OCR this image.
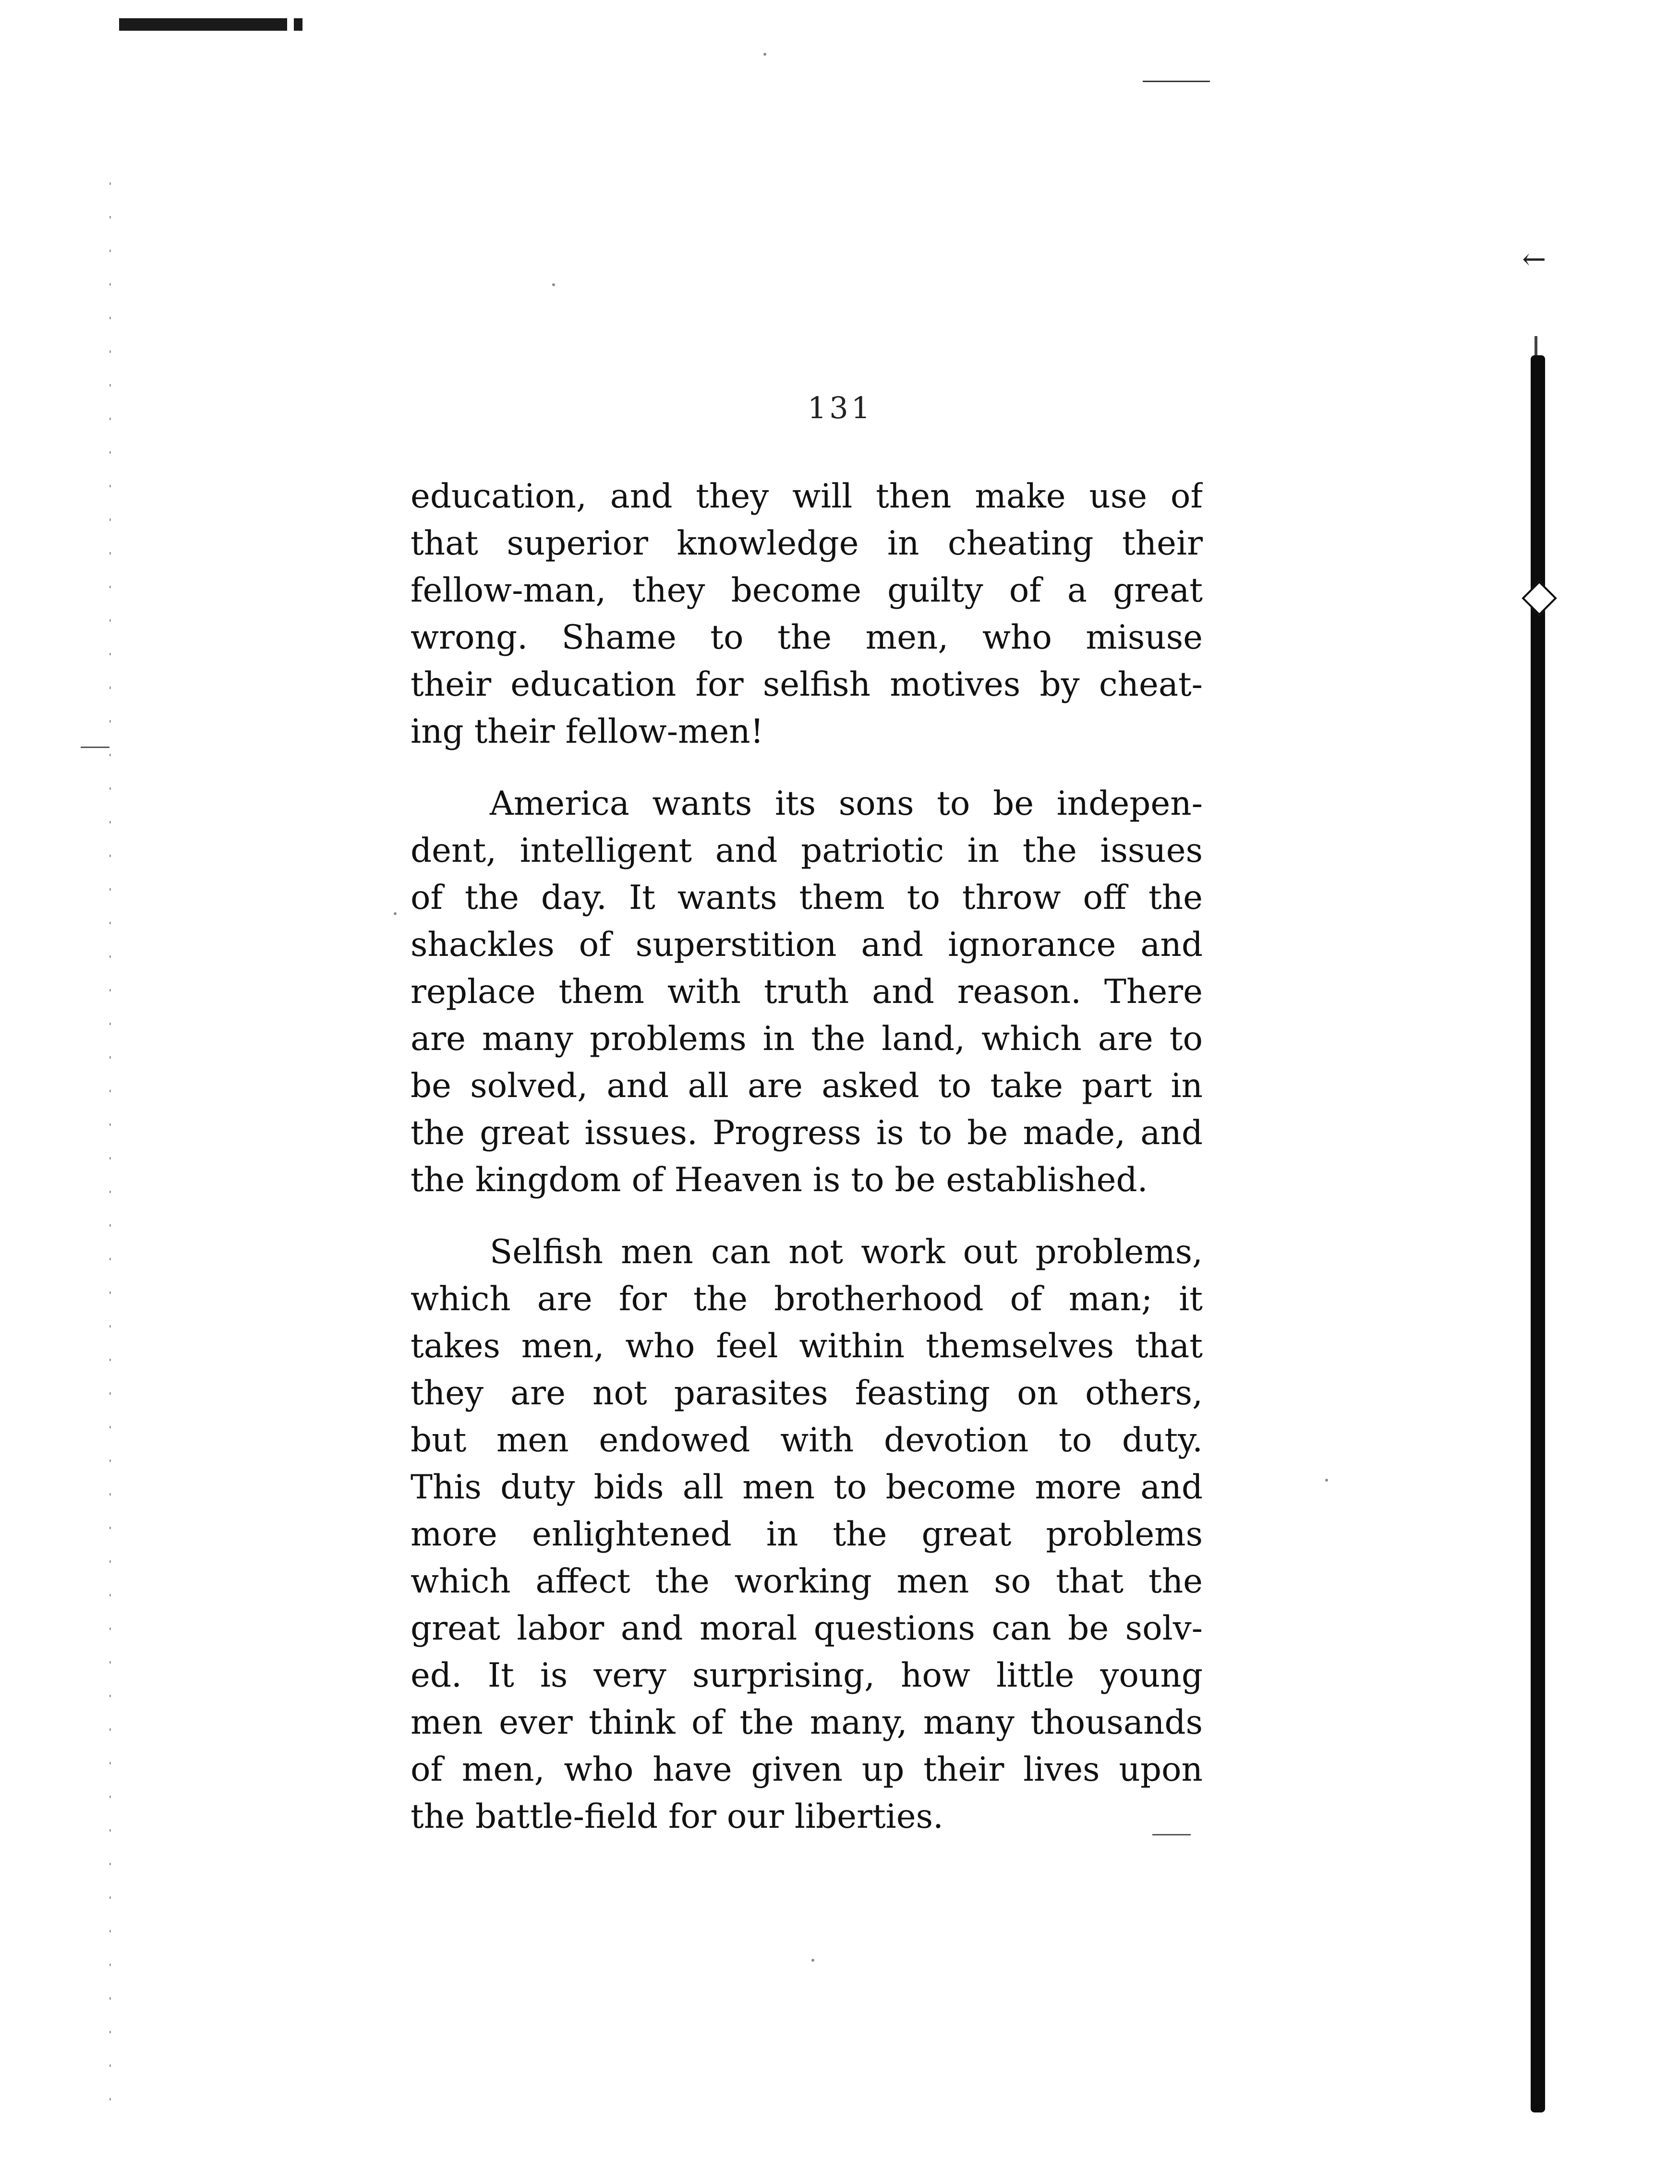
←
131
education, and they will then make use of
that superior knowledge in cheating their
fellow-man, they become guilty of a great
wrong. Shame to the men, who misuse
their education for selfish motives by cheat-
ing their fellow-men!
America wants its sons to be indepen-
dent, intelligent and patriotic in the issues
of the day. It wants them to throw off the
shackles of superstition and ignorance and
replace them with truth and reason. There
are many problems in the land, which are to
be solved, and all are asked to take part in
the great issues. Progress is to be made, and
the kingdom of Heaven is to be established.
Selfish men can not work out problems,
which are for the brotherhood of man; it
takes men, who feel within themselves that
they are not parasites feasting on others,
but men endowed with devotion to duty.
This duty bids all men to become more and
more enlightened in the great problems
which affect the working men so that the
great labor and moral questions can be solv-
ed. It is very surprising, how little young
men ever think of the many, many thousands
of men, who have given up their lives upon
the battle-field for our liberties.
